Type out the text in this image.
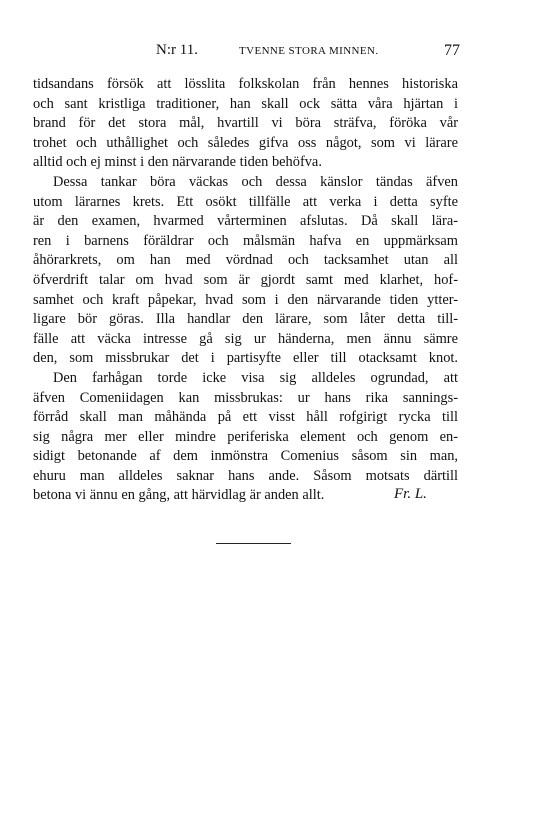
N:r 11.	TVENNE STORA MINNEN.	77
tidsandans försök att lösslita folkskolan från hennes historiska
och sant kristliga traditioner, han skall ock sätta våra hjärtan i
brand för det stora mål, hvartill vi böra sträfva, föröka vår
trohet och uthållighet och således gifva oss något, som vi lärare
alltid och ej minst i den närvarande tiden behöfva.
Dessa tankar böra väckas och dessa känslor tändas äfven
utom lärarnes krets. Ett osökt tillfälle att verka i detta syfte
är den examen, hvarmed vårterminen afslutas. Då skall lära-
ren i barnens föräldrar och målsmän hafva en uppmärksam
åhörarkrets, om han med vördnad och tacksamhet utan all
öfverdrift talar om hvad som är gjordt samt med klarhet, hof-
samhet och kraft påpekar, hvad som i den närvarande tiden ytter-
ligare bör göras. Illa handlar den lärare, som låter detta till-
fälle att väcka intresse gå sig ur händerna, men ännu sämre
den, som missbrukar det i partisyfte eller till otacksamt knot.
Den farhågan torde icke visa sig alldeles ogrundad, att
äfven Comeniidagen kan missbrukas: ur hans rika sannings-
förråd skall man måhända på ett visst håll rofgirigt rycka till
sig några mer eller mindre periferiska element och genom en-
sidigt betonande af dem inmönstra Comenius såsom sin man,
ehuru man alldeles saknar hans ande. Såsom motsats därtill
betona vi ännu en gång, att härvidlag är anden allt.	Fr. L.
